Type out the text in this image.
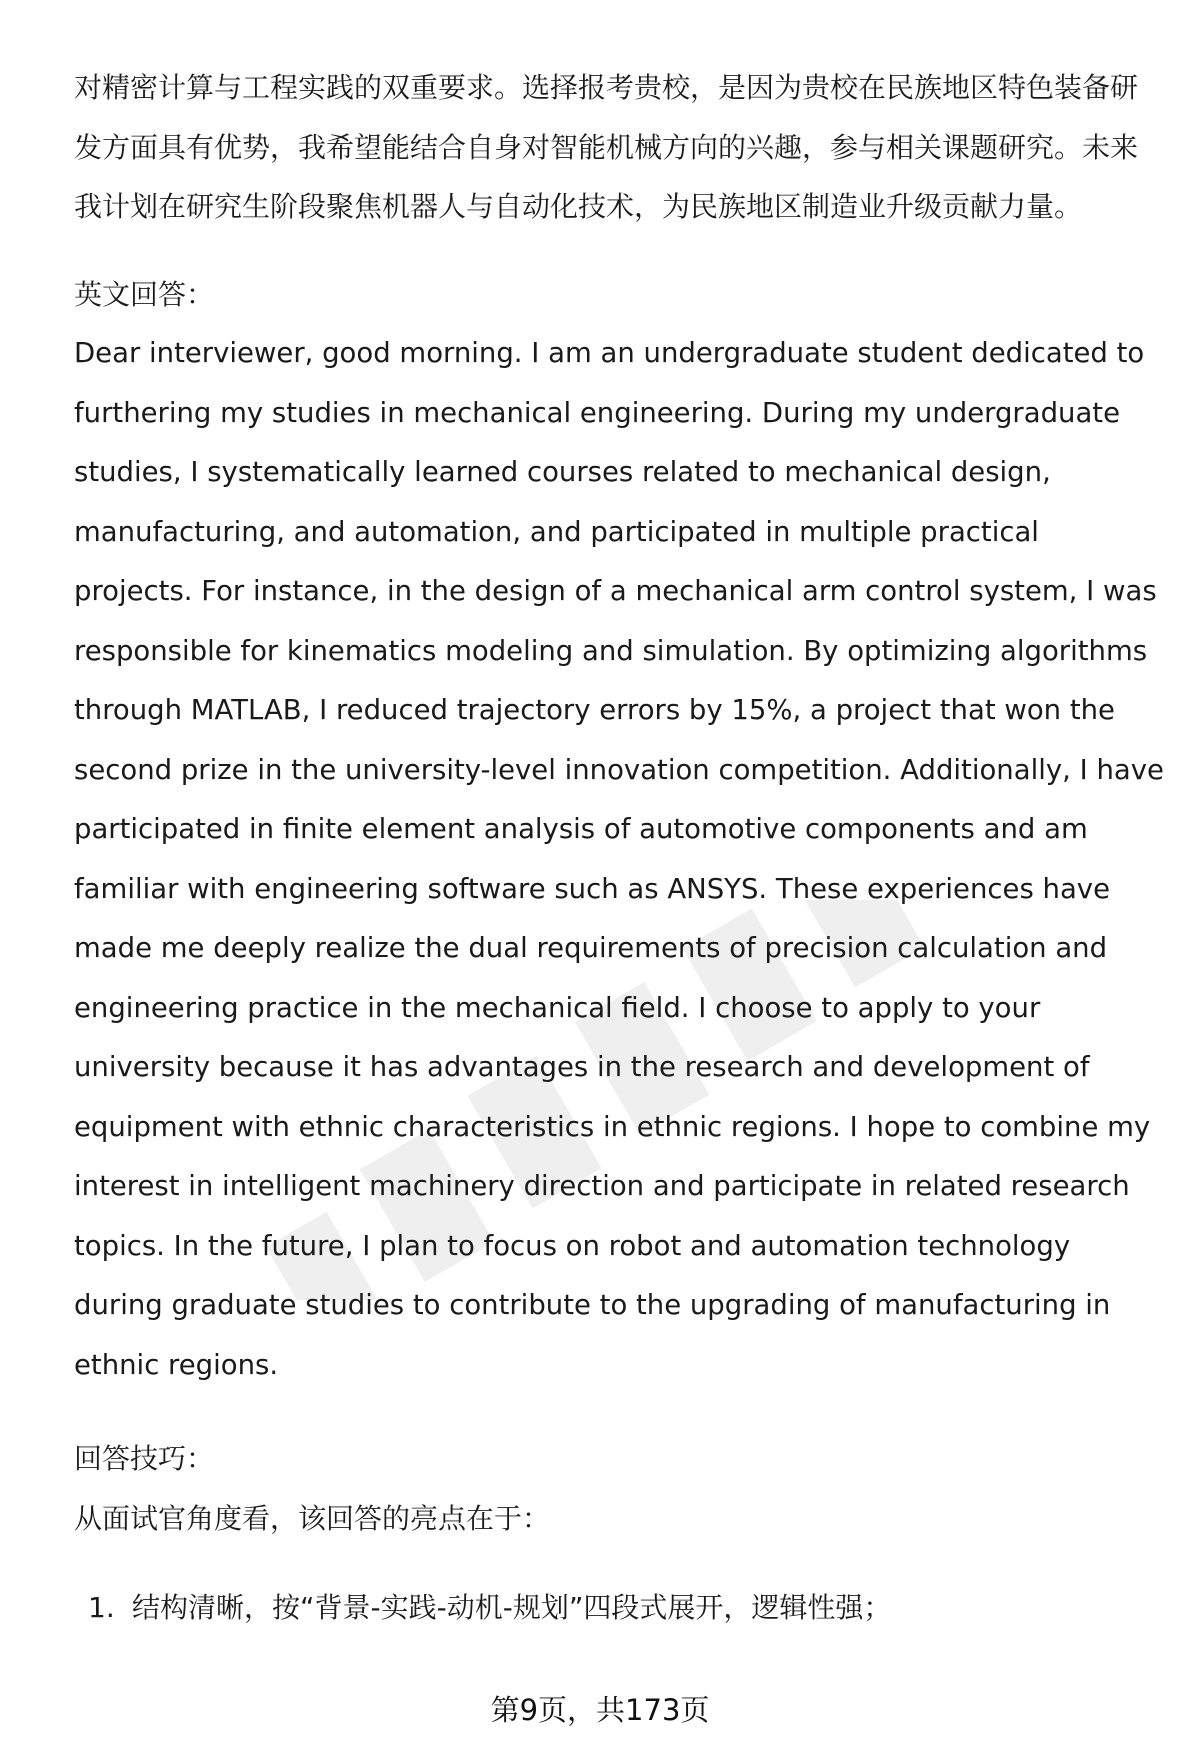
对精密计算与工程实践的双重要求。选择报考贵校，是因为贵校在民族地区特色装备研发方面具有优势，我希望能结合自身对智能机械方向的兴趣，参与相关课题研究。未来我计划在研究生阶段聚焦机器人与自动化技术，为民族地区制造业升级贡献力量。

英文回答：

Dear interviewer, good morning. I am an undergraduate student dedicated to furthering my studies in mechanical engineering. During my undergraduate studies, I systematically learned courses related to mechanical design, manufacturing, and automation, and participated in multiple practical projects. For instance, in the design of a mechanical arm control system, I was responsible for kinematics modeling and simulation. By optimizing algorithms through MATLAB, I reduced trajectory errors by 15%, a project that won the second prize in the university-level innovation competition. Additionally, I have participated in finite element analysis of automotive components and am familiar with engineering software such as ANSYS. These experiences have made me deeply realize the dual requirements of precision calculation and engineering practice in the mechanical field. I choose to apply to your university because it has advantages in the research and development of equipment with ethnic characteristics in ethnic regions. I hope to combine my interest in intelligent machinery direction and participate in related research topics. In the future, I plan to focus on robot and automation technology during graduate studies to contribute to the upgrading of manufacturing in ethnic regions.

回答技巧：

从面试官角度看，该回答的亮点在于：

1. 结构清晰，按“背景-实践-动机-规划”四段式展开，逻辑性强；
第9页，共173页
